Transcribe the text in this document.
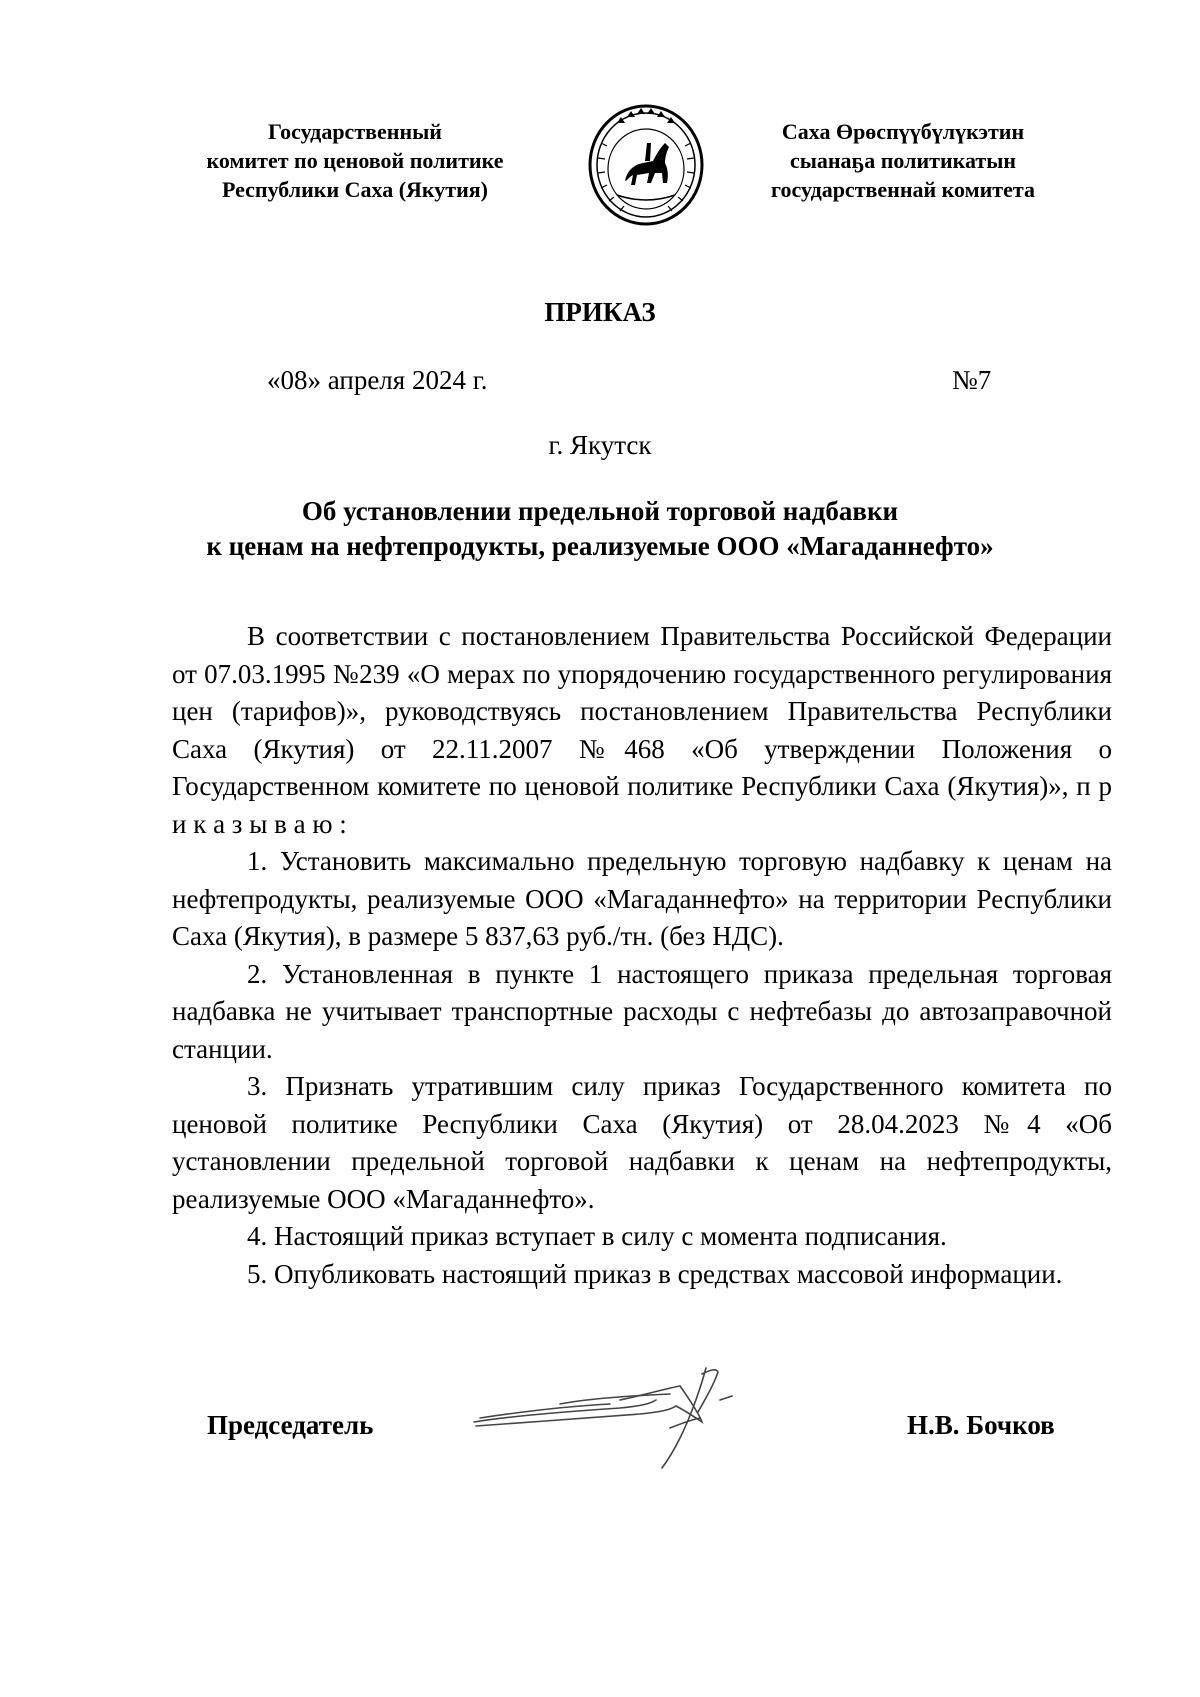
Государственный
комитет по ценовой политике
Республики Саха (Якутия)
Саха Өрөспүүбүлүкэтин
сыанаҕа политикатын
государственнай комитета
ПРИКАЗ
«08» апреля 2024 г.	№7
г. Якутск
Об установлении предельной торговой надбавки
к ценам на нефтепродукты, реализуемые ООО «Магаданнефто»

В соответствии с постановлением Правительства Российской Федерации от 07.03.1995 №239 «О мерах по упорядочению государственного регулирования цен (тарифов)», руководствуясь постановлением Правительства Республики Саха (Якутия) от 22.11.2007 №468 «Об утверждении Положения о Государственном комитете по ценовой политике Республики Саха (Якутия)», п р и к а з ы в а ю :

1. Установить максимально предельную торговую надбавку к ценам на нефтепродукты, реализуемые ООО «Магаданнефто» на территории Республики Саха (Якутия), в размере 5 837,63 руб./тн. (без НДС).

2. Установленная в пункте 1 настоящего приказа предельная торговая надбавка не учитывает транспортные расходы с нефтебазы до автозаправочной станции.

3. Признать утратившим силу приказ Государственного комитета по ценовой политике Республики Саха (Якутия) от 28.04.2023 №4 «Об установлении предельной торговой надбавки к ценам на нефтепродукты, реализуемые ООО «Магаданнефто».

4. Настоящий приказ вступает в силу с момента подписания.

5. Опубликовать настоящий приказ в средствах массовой информации.

Председатель	Н.В. Бочков
